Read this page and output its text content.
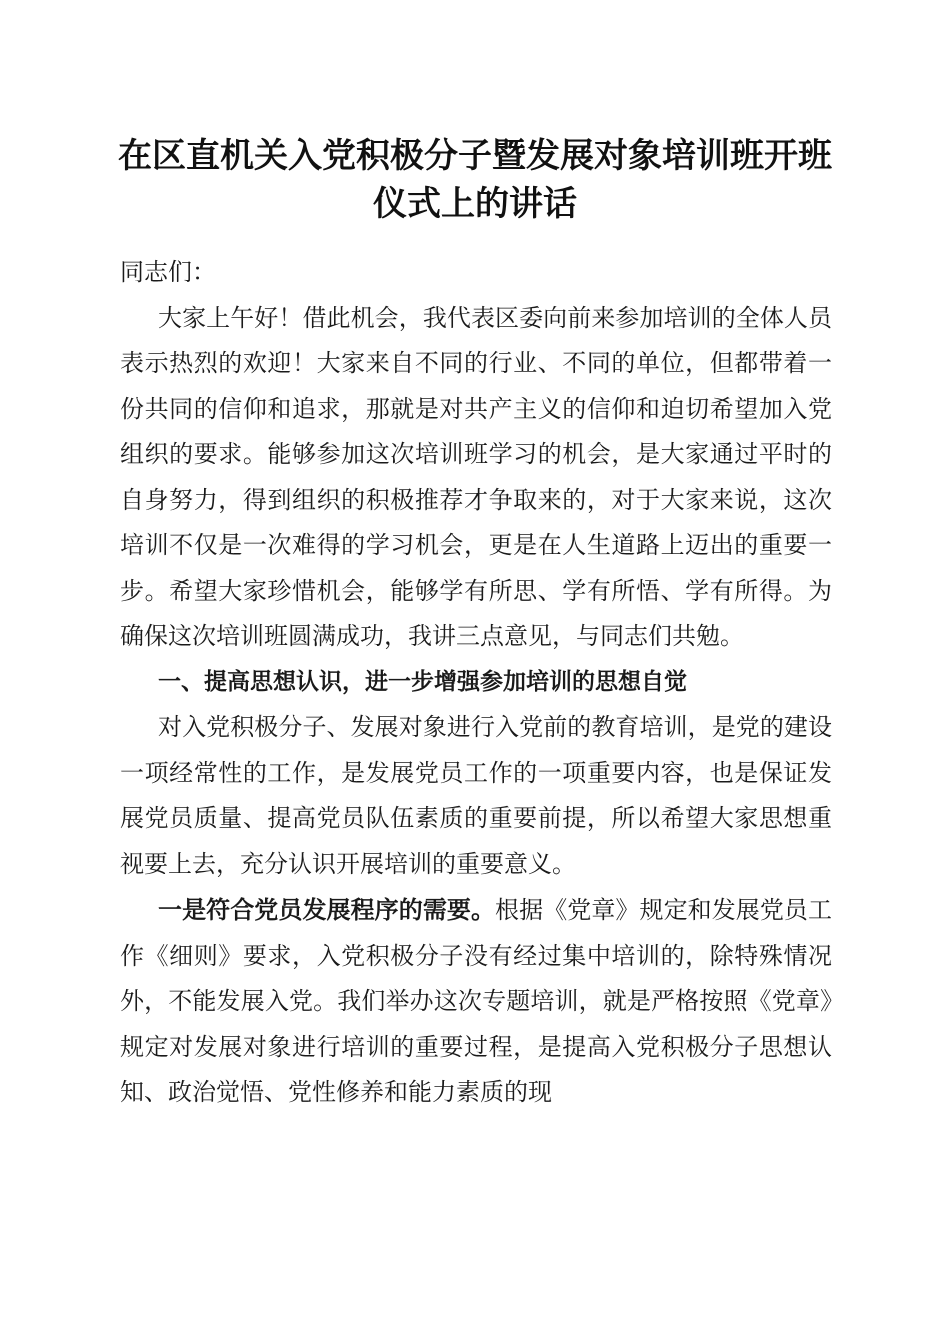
在区直机关入党积极分子暨发展对象培训班开班仪式上的讲话

同志们：

大家上午好！借此机会，我代表区委向前来参加培训的全体人员表示热烈的欢迎！大家来自不同的行业、不同的单位，但都带着一份共同的信仰和追求，那就是对共产主义的信仰和迫切希望加入党组织的要求。能够参加这次培训班学习的机会，是大家通过平时的自身努力，得到组织的积极推荐才争取来的，对于大家来说，这次培训不仅是一次难得的学习机会，更是在人生道路上迈出的重要一步。希望大家珍惜机会，能够学有所思、学有所悟、学有所得。为确保这次培训班圆满成功，我讲三点意见，与同志们共勉。

一、提高思想认识，进一步增强参加培训的思想自觉

对入党积极分子、发展对象进行入党前的教育培训，是党的建设一项经常性的工作，是发展党员工作的一项重要内容，也是保证发展党员质量、提高党员队伍素质的重要前提，所以希望大家思想重视要上去，充分认识开展培训的重要意义。

一是符合党员发展程序的需要。根据《党章》规定和发展党员工作《细则》要求，入党积极分子没有经过集中培训的，除特殊情况外，不能发展入党。我们举办这次专题培训，就是严格按照《党章》规定对发展对象进行培训的重要过程，是提高入党积极分子思想认知、政治觉悟、党性修养和能力素质的现
